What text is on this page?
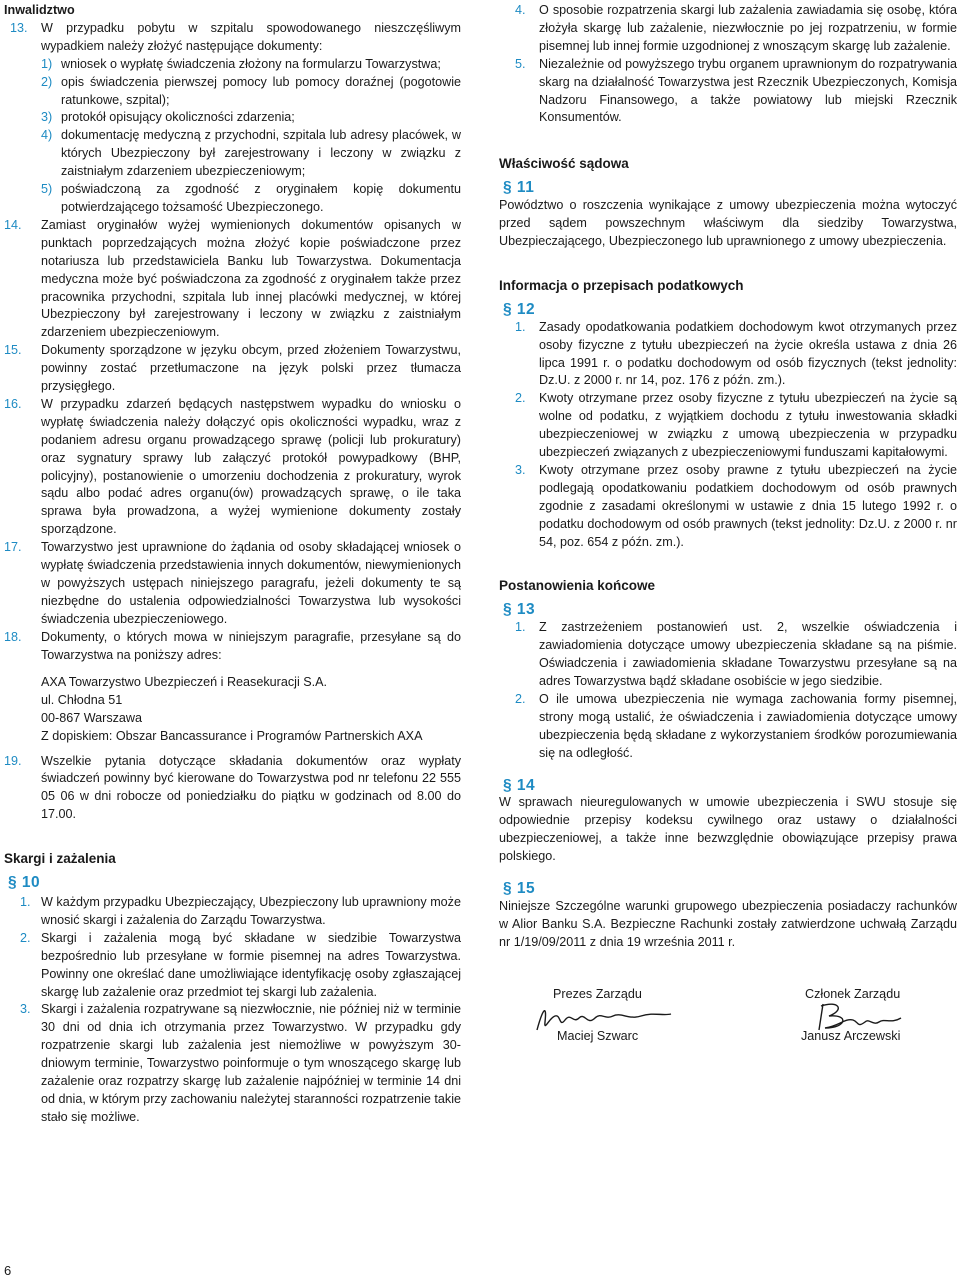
Inwalidztwo

13.	W przypadku pobytu w szpitalu spowodowanego nieszczęśliwym wypadkiem należy złożyć następujące dokumenty:

1) wniosek o wypłatę świadczenia złożony na formularzu Towarzystwa;
2) opis świadczenia pierwszej pomocy lub pomocy doraźnej (pogotowie ratunkowe, szpital);
3) protokół opisujący okoliczności zdarzenia;
4) dokumentację medyczną z przychodni, szpitala lub adresy placówek, w których Ubezpieczony był zarejestrowany i leczony w związku z zaistniałym zdarzeniem ubezpieczeniowym;
5) poświadczoną za zgodność z oryginałem kopię dokumentu potwierdzającego tożsamość Ubezpieczonego.
14.	Zamiast oryginałów wyżej wymienionych dokumentów opisanych w punktach poprzedzających można złożyć kopie poświadczone przez notariusza lub przedstawiciela Banku lub Towarzystwa. Dokumentacja medyczna może być poświadczona za zgodność z oryginałem także przez pracownika przychodni, szpitala lub innej placówki medycznej, w której Ubezpieczony był zarejestrowany i leczony w związku z zaistniałym zdarzeniem ubezpieczeniowym.

15.	Dokumenty sporządzone w języku obcym, przed złożeniem Towarzystwu, powinny zostać przetłumaczone na język polski przez tłumacza przysięgłego.

16.	W przypadku zdarzeń będących następstwem wypadku do wniosku o wypłatę świadczenia należy dołączyć opis okoliczności wypadku, wraz z podaniem adresu organu prowadzącego sprawę (policji lub prokuratury) oraz sygnatury sprawy lub załączyć protokół powypadkowy (BHP, policyjny), postanowienie o umorzeniu dochodzenia z prokuratury, wyrok sądu albo podać adres organu(ów) prowadzących sprawę, o ile taka sprawa była prowadzona, a wyżej wymienione dokumenty zostały sporządzone.

17.	Towarzystwo jest uprawnione do żądania od osoby składającej wniosek o wypłatę świadczenia przedstawienia innych dokumentów, niewymienionych w powyższych ustępach niniejszego paragrafu, jeżeli dokumenty te są niezbędne do ustalenia odpowiedzialności Towarzystwa lub wysokości świadczenia ubezpieczeniowego.

18.	Dokumenty, o których mowa w niniejszym paragrafie, przesyłane są do Towarzystwa na poniższy adres:

AXA Towarzystwo Ubezpieczeń i Reasekuracji S.A.
ul. Chłodna 51
00-867 Warszawa
Z dopiskiem: Obszar Bancassurance i Programów Partnerskich AXA
19.	Wszelkie pytania dotyczące składania dokumentów oraz wypłaty świadczeń powinny być kierowane do Towarzystwa pod nr telefonu 22 555 05 06 w dni robocze od poniedziałku do piątku w godzinach od 8.00 do 17.00.

Skargi i zażalenia

§ 10

1. W każdym przypadku Ubezpieczający, Ubezpieczony lub uprawniony może wnosić skargi i zażalenia do Zarządu Towarzystwa.

2. Skargi i zażalenia mogą być składane w siedzibie Towarzystwa bezpośrednio lub przesyłane w formie pisemnej na adres Towarzystwa. Powinny one określać dane umożliwiające identyfikację osoby zgłaszającej skargę lub zażalenie oraz przedmiot tej skargi lub zażalenia.

3. Skargi i zażalenia rozpatrywane są niezwłocznie, nie później niż w terminie 30 dni od dnia ich otrzymania przez Towarzystwo. W przypadku gdy rozpatrzenie skargi lub zażalenia jest niemożliwe w powyższym 30-dniowym terminie, Towarzystwo poinformuje o tym wnoszącego skargę lub zażalenie oraz rozpatrzy skargę lub zażalenie najpóźniej w terminie 14 dni od dnia, w którym przy zachowaniu należytej staranności rozpatrzenie takie stało się możliwe.

4.	O sposobie rozpatrzenia skargi lub zażalenia zawiadamia się osobę, która złożyła skargę lub zażalenie, niezwłocznie po jej rozpatrzeniu, w formie pisemnej lub innej formie uzgodnionej z wnoszącym skargę lub zażalenie.

5.	Niezależnie od powyższego trybu organem uprawnionym do rozpatrywania skarg na działalność Towarzystwa jest Rzecznik Ubezpieczonych, Komisja Nadzoru Finansowego, a także powiatowy lub miejski Rzecznik Konsumentów.

Właściwość sądowa

§ 11

Powództwo o roszczenia wynikające z umowy ubezpieczenia można wytoczyć przed sądem powszechnym właściwym dla siedziby Towarzystwa, Ubezpieczającego, Ubezpieczonego lub uprawnionego z umowy ubezpieczenia.

Informacja o przepisach podatkowych

§ 12

1.	Zasady opodatkowania podatkiem dochodowym kwot otrzymanych przez osoby fizyczne z tytułu ubezpieczeń na życie określa ustawa z dnia 26 lipca 1991 r. o podatku dochodowym od osób fizycznych (tekst jednolity: Dz.U. z 2000 r. nr 14, poz. 176 z późn. zm.).

2.	Kwoty otrzymane przez osoby fizyczne z tytułu ubezpieczeń na życie są wolne od podatku, z wyjątkiem dochodu z tytułu inwestowania składki ubezpieczeniowej w związku z umową ubezpieczenia w przypadku ubezpieczeń związanych z ubezpieczeniowymi funduszami kapitałowymi.

3.	Kwoty otrzymane przez osoby prawne z tytułu ubezpieczeń na życie podlegają opodatkowaniu podatkiem dochodowym od osób prawnych zgodnie z zasadami określonymi w ustawie z dnia 15 lutego 1992 r. o podatku dochodowym od osób prawnych (tekst jednolity: Dz.U. z 2000 r. nr 54, poz. 654 z późn. zm.).

Postanowienia końcowe

§ 13

1.	Z zastrzeżeniem postanowień ust. 2, wszelkie oświadczenia i zawiadomienia dotyczące umowy ubezpieczenia składane są na piśmie. Oświadczenia i zawiadomienia składane Towarzystwu przesyłane są na adres Towarzystwa bądź składane osobiście w jego siedzibie.

2.	O ile umowa ubezpieczenia nie wymaga zachowania formy pisemnej, strony mogą ustalić, że oświadczenia i zawiadomienia dotyczące umowy ubezpieczenia będą składane z wykorzystaniem środków porozumiewania się na odległość.

§ 14

W sprawach nieuregulowanych w umowie ubezpieczenia i SWU stosuje się odpowiednie przepisy kodeksu cywilnego oraz ustawy o działalności ubezpieczeniowej, a także inne bezwzględnie obowiązujące przepisy prawa polskiego.

§ 15

Niniejsze Szczególne warunki grupowego ubezpieczenia posiadaczy rachunków w Alior Banku S.A. Bezpieczne Rachunki zostały zatwierdzone uchwałą Zarządu nr 1/19/09/2011 z dnia 19 września 2011 r.

Prezes Zarządu
Maciej Szwarc
Członek Zarządu
Janusz Arczewski
6
